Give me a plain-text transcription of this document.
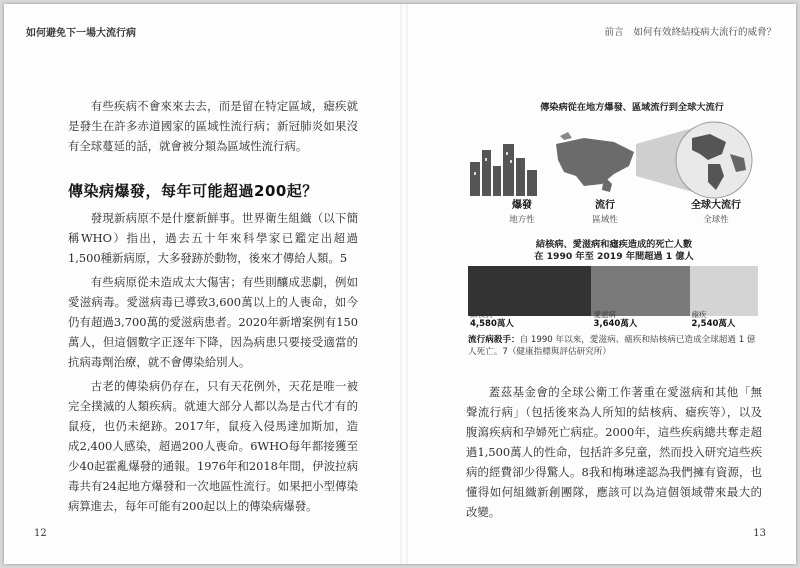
如何避免下一場大流行病	前言 如何有效終結疫病大流行的威脅？

有些疾病不會來來去去，而是留在特定區域，瘧疾就是發生在許多赤道國家的區域性流行病；新冠肺炎如果沒有全球蔓延的話，就會被分類為區域性流行病。

傳染病爆發，每年可能超過200起？

發現新病原不是什麼新鮮事。世界衛生組織（以下簡稱WHO）指出，過去五十年來科學家已鑑定出超過1,500種新病原，大多發跡於動物，後來才傳給人類。5

有些病原從未造成太大傷害；有些則釀成悲劇，例如愛滋病毒。愛滋病毒已導致3,600萬以上的人喪命，如今仍有超過3,700萬的愛滋病患者。2020年新增案例有150萬人，但這個數字正逐年下降，因為病患只要接受適當的抗病毒劑治療，就不會傳染給別人。

古老的傳染病仍存在，只有天花例外，天花是唯一被完全撲滅的人類疾病。就連大部分人都以為是古代才有的鼠疫，也仍未絕跡。2017年，鼠疫入侵馬達加斯加，造成2,400人感染，超過200人喪命。6WHO每年都接獲至少40起霍亂爆發的通報。1976年和2018年間，伊波拉病毒共有24起地方爆發和一次地區性流行。如果把小型傳染病算進去，每年可能有200起以上的傳染病爆發。

傳染病從在地方爆發、區域流行到全球大流行
爆發
地方性
流行
區域性
全球大流行
全球性
結核病、愛滋病和瘧疾造成的死亡人數
在 1990 年至 2019 年間超過 1 億人
結核病
4,580萬人
愛滋病
3,640萬人
瘧疾
2,540萬人
流行病殺手：自 1990 年以來，愛滋病、瘧疾和結核病已造成全球超過 1 億人死亡。7（健康指標與評估研究所）

蓋茲基金會的全球公衛工作著重在愛滋病和其他「無聲流行病」（包括後來為人所知的結核病、瘧疾等），以及腹瀉疾病和孕婦死亡病症。2000年，這些疾病總共奪走超過1,500萬人的性命，包括許多兒童，然而投入研究這些疾病的經費卻少得驚人。8我和梅琳達認為我們擁有資源，也懂得如何組織新創團隊，應該可以為這個領域帶來最大的改變。

12	13
